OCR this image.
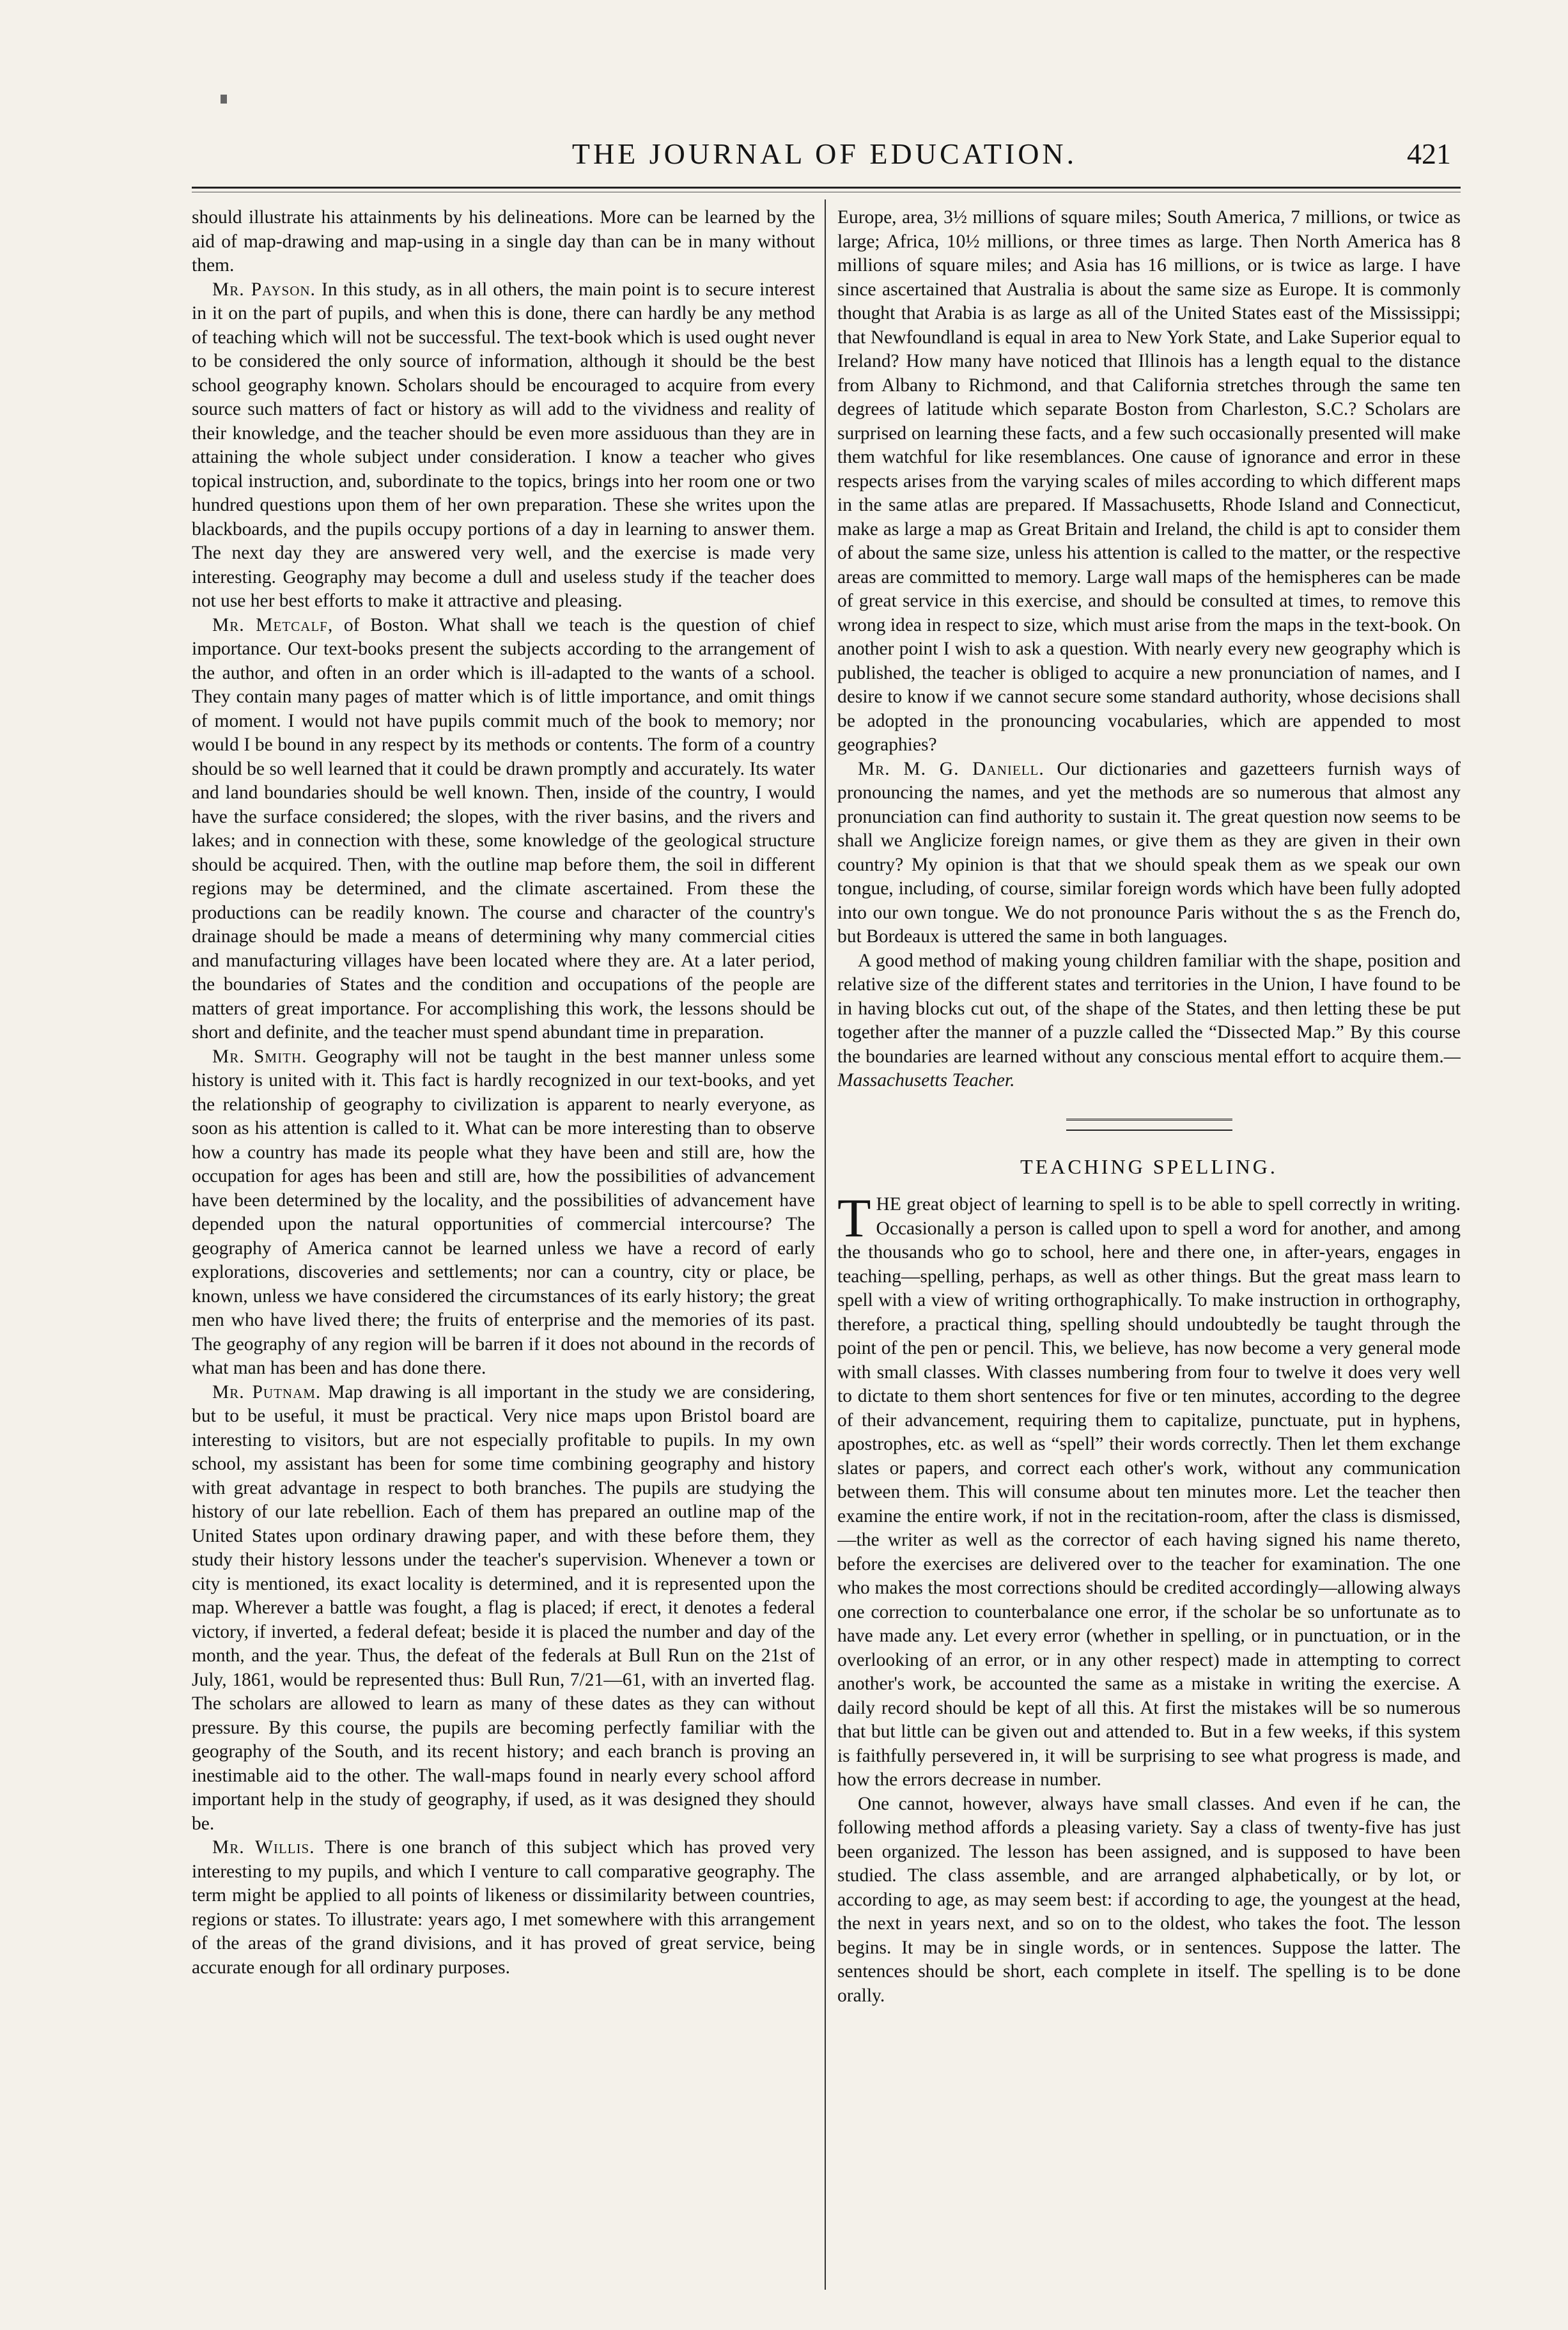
THE JOURNAL OF EDUCATION.	421

should illustrate his attainments by his delineations. More can be learned by the aid of map-drawing and map-using in a single day than can be in many without them.

Mr. Payson. In this study, as in all others, the main point is to secure interest in it on the part of pupils, and when this is done, there can hardly be any method of teaching which will not be successful. The text-book which is used ought never to be considered the only source of information, although it should be the best school geography known. Scholars should be encouraged to acquire from every source such matters of fact or history as will add to the vividness and reality of their knowledge, and the teacher should be even more assiduous than they are in attaining the whole subject under consideration. I know a teacher who gives topical instruction, and, subordinate to the topics, brings into her room one or two hundred questions upon them of her own preparation. These she writes upon the blackboards, and the pupils occupy portions of a day in learning to answer them. The next day they are answered very well, and the exercise is made very interesting. Geography may become a dull and useless study if the teacher does not use her best efforts to make it attractive and pleasing.

Mr. Metcalf, of Boston. What shall we teach is the question of chief importance. Our text-books present the subjects according to the arrangement of the author, and often in an order which is ill-adapted to the wants of a school. They contain many pages of matter which is of little importance, and omit things of moment. I would not have pupils commit much of the book to memory; nor would I be bound in any respect by its methods or contents. The form of a country should be so well learned that it could be drawn promptly and accurately. Its water and land boundaries should be well known. Then, inside of the country, I would have the surface considered; the slopes, with the river basins, and the rivers and lakes; and in connection with these, some knowledge of the geological structure should be acquired. Then, with the outline map before them, the soil in different regions may be determined, and the climate ascertained. From these the productions can be readily known. The course and character of the country's drainage should be made a means of determining why many commercial cities and manufacturing villages have been located where they are. At a later period, the boundaries of States and the condition and occupations of the people are matters of great importance. For accomplishing this work, the lessons should be short and definite, and the teacher must spend abundant time in preparation.

Mr. Smith. Geography will not be taught in the best manner unless some history is united with it. This fact is hardly recognized in our text-books, and yet the relationship of geography to civilization is apparent to nearly everyone, as soon as his attention is called to it. What can be more interesting than to observe how a country has made its people what they have been and still are, how the occupation for ages has been and still are, how the possibilities of advancement have been determined by the locality, and the possibilities of advancement have depended upon the natural opportunities of commercial intercourse? The geography of America cannot be learned unless we have a record of early explorations, discoveries and settlements; nor can a country, city or place, be known, unless we have considered the circumstances of its early history; the great men who have lived there; the fruits of enterprise and the memories of its past. The geography of any region will be barren if it does not abound in the records of what man has been and has done there.

Mr. Putnam. Map drawing is all important in the study we are considering, but to be useful, it must be practical. Very nice maps upon Bristol board are interesting to visitors, but are not especially profitable to pupils. In my own school, my assistant has been for some time combining geography and history with great advantage in respect to both branches. The pupils are studying the history of our late rebellion. Each of them has prepared an outline map of the United States upon ordinary drawing paper, and with these before them, they study their history lessons under the teacher's supervision. Whenever a town or city is mentioned, its exact locality is determined, and it is represented upon the map. Wherever a battle was fought, a flag is placed; if erect, it denotes a federal victory, if inverted, a federal defeat; beside it is placed the number and day of the month, and the year. Thus, the defeat of the federals at Bull Run on the 21st of July, 1861, would be represented thus: Bull Run, 7/21—61, with an inverted flag. The scholars are allowed to learn as many of these dates as they can without pressure. By this course, the pupils are becoming perfectly familiar with the geography of the South, and its recent history; and each branch is proving an inestimable aid to the other. The wall-maps found in nearly every school afford important help in the study of geography, if used, as it was designed they should be.

Mr. Willis. There is one branch of this subject which has proved very interesting to my pupils, and which I venture to call comparative geography. The term might be applied to all points of likeness or dissimilarity between countries, regions or states. To illustrate: years ago, I met somewhere with this arrangement of the areas of the grand divisions, and it has proved of great service, being accurate enough for all ordinary purposes.

Europe, area, 3½ millions of square miles; South America, 7 millions, or twice as large; Africa, 10½ millions, or three times as large. Then North America has 8 millions of square miles; and Asia has 16 millions, or is twice as large. I have since ascertained that Australia is about the same size as Europe. It is commonly thought that Arabia is as large as all of the United States east of the Mississippi; that Newfoundland is equal in area to New York State, and Lake Superior equal to Ireland? How many have noticed that Illinois has a length equal to the distance from Albany to Richmond, and that California stretches through the same ten degrees of latitude which separate Boston from Charleston, S.C.? Scholars are surprised on learning these facts, and a few such occasionally presented will make them watchful for like resemblances. One cause of ignorance and error in these respects arises from the varying scales of miles according to which different maps in the same atlas are prepared. If Massachusetts, Rhode Island and Connecticut, make as large a map as Great Britain and Ireland, the child is apt to consider them of about the same size, unless his attention is called to the matter, or the respective areas are committed to memory. Large wall maps of the hemispheres can be made of great service in this exercise, and should be consulted at times, to remove this wrong idea in respect to size, which must arise from the maps in the text-book. On another point I wish to ask a question. With nearly every new geography which is published, the teacher is obliged to acquire a new pronunciation of names, and I desire to know if we cannot secure some standard authority, whose decisions shall be adopted in the pronouncing vocabularies, which are appended to most geographies?

Mr. M. G. Daniell. Our dictionaries and gazetteers furnish ways of pronouncing the names, and yet the methods are so numerous that almost any pronunciation can find authority to sustain it. The great question now seems to be shall we Anglicize foreign names, or give them as they are given in their own country? My opinion is that that we should speak them as we speak our own tongue, including, of course, similar foreign words which have been fully adopted into our own tongue. We do not pronounce Paris without the s as the French do, but Bordeaux is uttered the same in both languages.

A good method of making young children familiar with the shape, position and relative size of the different states and territories in the Union, I have found to be in having blocks cut out, of the shape of the States, and then letting these be put together after the manner of a puzzle called the “Dissected Map.” By this course the boundaries are learned without any conscious mental effort to acquire them.—Massachusetts Teacher.

TEACHING SPELLING.

THE great object of learning to spell is to be able to spell correctly in writing. Occasionally a person is called upon to spell a word for another, and among the thousands who go to school, here and there one, in after-years, engages in teaching—spelling, perhaps, as well as other things. But the great mass learn to spell with a view of writing orthographically. To make instruction in orthography, therefore, a practical thing, spelling should undoubtedly be taught through the point of the pen or pencil. This, we believe, has now become a very general mode with small classes. With classes numbering from four to twelve it does very well to dictate to them short sentences for five or ten minutes, according to the degree of their advancement, requiring them to capitalize, punctuate, put in hyphens, apostrophes, etc. as well as “spell” their words correctly. Then let them exchange slates or papers, and correct each other's work, without any communication between them. This will consume about ten minutes more. Let the teacher then examine the entire work, if not in the recitation-room, after the class is dismissed,—the writer as well as the corrector of each having signed his name thereto, before the exercises are delivered over to the teacher for examination. The one who makes the most corrections should be credited accordingly—allowing always one correction to counterbalance one error, if the scholar be so unfortunate as to have made any. Let every error (whether in spelling, or in punctuation, or in the overlooking of an error, or in any other respect) made in attempting to correct another's work, be accounted the same as a mistake in writing the exercise. A daily record should be kept of all this. At first the mistakes will be so numerous that but little can be given out and attended to. But in a few weeks, if this system is faithfully persevered in, it will be surprising to see what progress is made, and how the errors decrease in number.

One cannot, however, always have small classes. And even if he can, the following method affords a pleasing variety. Say a class of twenty-five has just been organized. The lesson has been assigned, and is supposed to have been studied. The class assemble, and are arranged alphabetically, or by lot, or according to age, as may seem best: if according to age, the youngest at the head, the next in years next, and so on to the oldest, who takes the foot. The lesson begins. It may be in single words, or in sentences. Suppose the latter. The sentences should be short, each complete in itself. The spelling is to be done orally.
